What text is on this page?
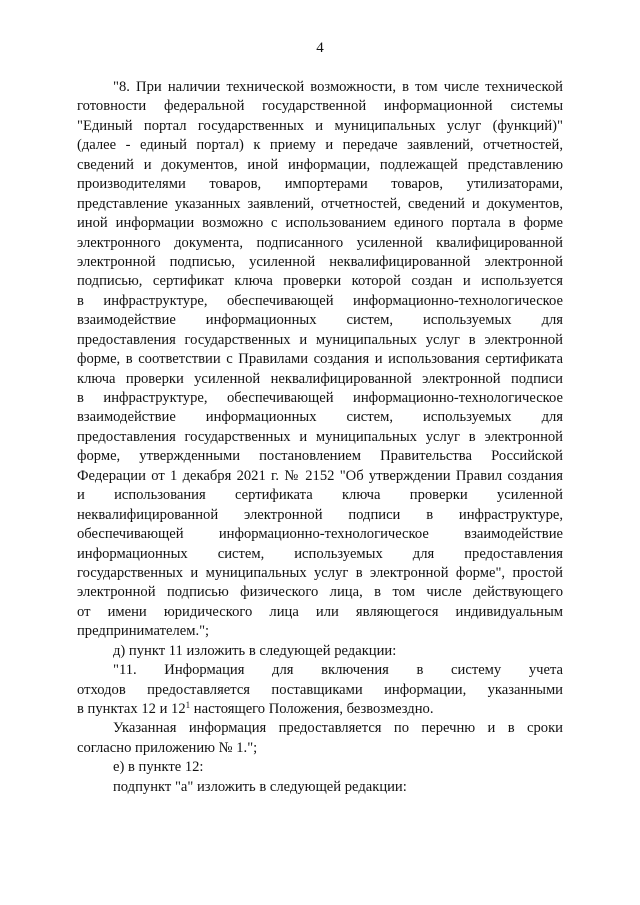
4
"8. При наличии технической возможности, в том числе технической
готовности федеральной государственной информационной системы
"Единый портал государственных и муниципальных услуг (функций)"
(далее - единый портал) к приему и передаче заявлений, отчетностей,
сведений и документов, иной информации, подлежащей представлению
производителями товаров, импортерами товаров, утилизаторами,
представление указанных заявлений, отчетностей, сведений и документов,
иной информации возможно с использованием единого портала в форме
электронного документа, подписанного усиленной квалифицированной
электронной подписью, усиленной неквалифицированной электронной
подписью, сертификат ключа проверки которой создан и используется
в инфраструктуре, обеспечивающей информационно-технологическое
взаимодействие информационных систем, используемых для
предоставления государственных и муниципальных услуг в электронной
форме, в соответствии с Правилами создания и использования сертификата
ключа проверки усиленной неквалифицированной электронной подписи
в инфраструктуре, обеспечивающей информационно-технологическое
взаимодействие информационных систем, используемых для
предоставления государственных и муниципальных услуг в электронной
форме, утвержденными постановлением Правительства Российской
Федерации от 1 декабря 2021 г. № 2152 "Об утверждении Правил создания
и использования сертификата ключа проверки усиленной
неквалифицированной электронной подписи в инфраструктуре,
обеспечивающей информационно-технологическое взаимодействие
информационных систем, используемых для предоставления
государственных и муниципальных услуг в электронной форме", простой
электронной подписью физического лица, в том числе действующего
от имени юридического лица или являющегося индивидуальным
предпринимателем.";
д) пункт 11 изложить в следующей редакции:
"11. Информация для включения в систему учета
отходов предоставляется поставщиками информации, указанными
в пунктах 12 и $12^1$ настоящего Положения, безвозмездно.
Указанная информация предоставляется по перечню и в сроки
согласно приложению № 1.";
е) в пункте 12:
подпункт "а" изложить в следующей редакции:
